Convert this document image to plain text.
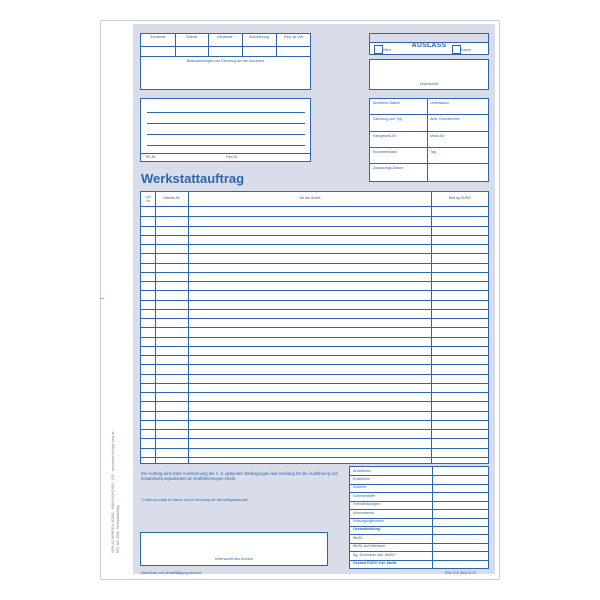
VERLAG HEINRICH VOGEL · 81664 MÜNCHEN · 5/25 · www.heinrich-vogel-shop.de REF.-NR. 2006 · Werkstattauftrag
Annahme	Wieder	Abnahme	Auslieferung	Reg.-Nr./Art
Beanstandungen am Fahrzeug bei der Annahme
AUSLASS
offen	Kasse
Unterschrift
Tel.-Nr.	Fax-Nr.
Annahme-Datum	Lieferdatum
Fahrzeug und Typ	Amtl. Kennzeichen
Fahrgestell-Nr.	Motor-Nr.
Kilometerstand	Tag
Zulassungs-Datum
Werkstattauftrag
Lfd.
Nr.
Arbeits-Nr.	Art der Arbeit	Betrag EURO
Der Auftrag wird unter Anerkennung der z. Z. geltenden Bedingungen laut Aushang für die Ausführung von Instandsetzungsarbeiten an Kraftfahrzeugen erteilt.
* Lieferung erfolgt im Namen und für Rechnung der Mineralölgesellschaft.
Unterschrift des Kunden
Arbeitslohn
Ersatzteile
Zubehör
Schmierstoffe
Fremdleistungen
Kleinmaterial
Entsorgungskosten
Gesamtleistung
MwSt.
MwSt. auf Altteilwert
Ag.-Schmierst. inkl. MwSt.*
Gesamt EURO inkl. MwSt.
Nachdruck und Vervielfältigung verboten	RNK 516 (Bst) 01 02
